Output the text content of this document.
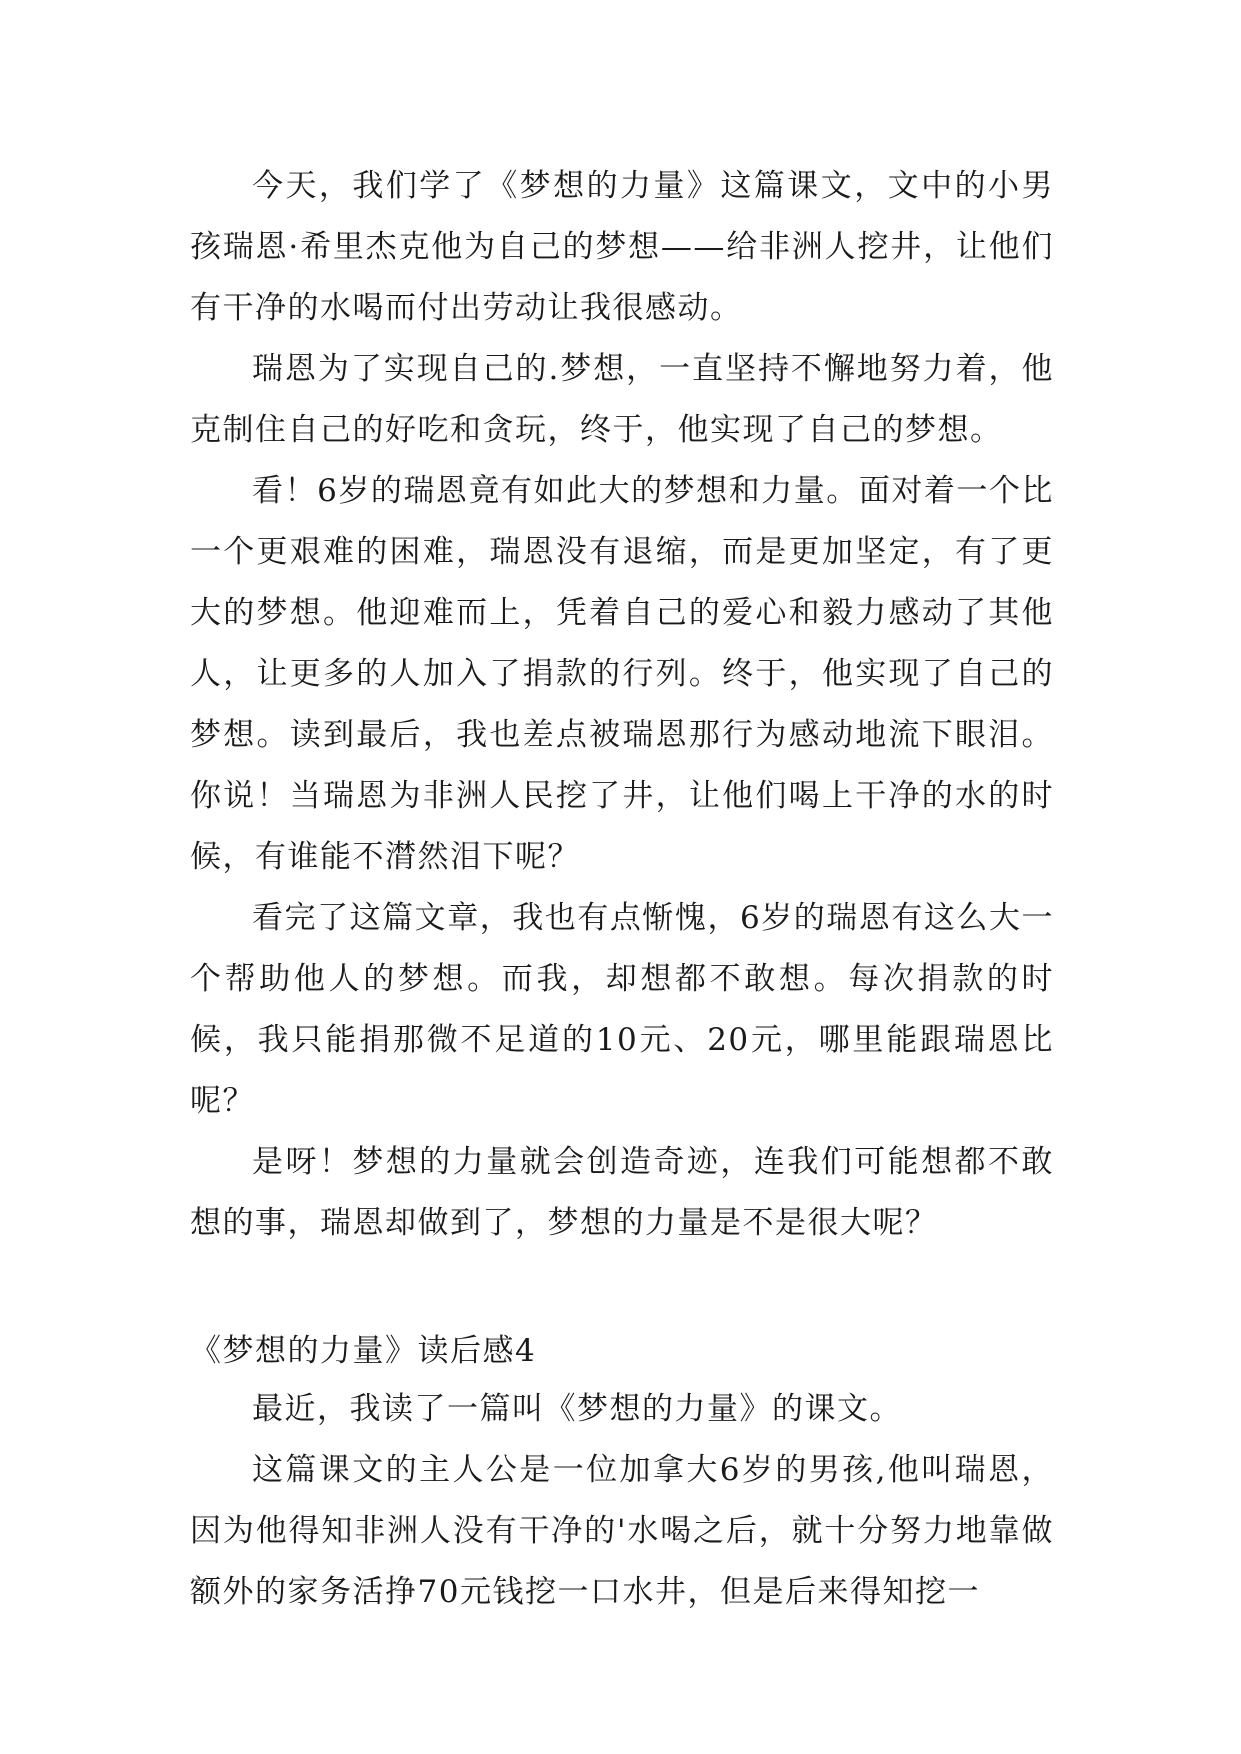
今天，我们学了《梦想的力量》这篇课文，文中的小男孩瑞恩·希里杰克他为自己的梦想——给非洲人挖井，让他们有干净的水喝而付出劳动让我很感动。

瑞恩为了实现自己的.梦想，一直坚持不懈地努力着，他克制住自己的好吃和贪玩，终于，他实现了自己的梦想。

看！6岁的瑞恩竟有如此大的梦想和力量。面对着一个比一个更艰难的困难，瑞恩没有退缩，而是更加坚定，有了更大的梦想。他迎难而上，凭着自己的爱心和毅力感动了其他人，让更多的人加入了捐款的行列。终于，他实现了自己的梦想。读到最后，我也差点被瑞恩那行为感动地流下眼泪。你说！当瑞恩为非洲人民挖了井，让他们喝上干净的水的时候，有谁能不潸然泪下呢？

看完了这篇文章，我也有点惭愧，6岁的瑞恩有这么大一个帮助他人的梦想。而我，却想都不敢想。每次捐款的时候，我只能捐那微不足道的10元、20元，哪里能跟瑞恩比呢？

是呀！梦想的力量就会创造奇迹，连我们可能想都不敢想的事，瑞恩却做到了，梦想的力量是不是很大呢？

《梦想的力量》读后感4

最近，我读了一篇叫《梦想的力量》的课文。

这篇课文的主人公是一位加拿大6岁的男孩,他叫瑞恩，因为他得知非洲人没有干净的'水喝之后，就十分努力地靠做额外的家务活挣70元钱挖一口水井，但是后来得知挖一
